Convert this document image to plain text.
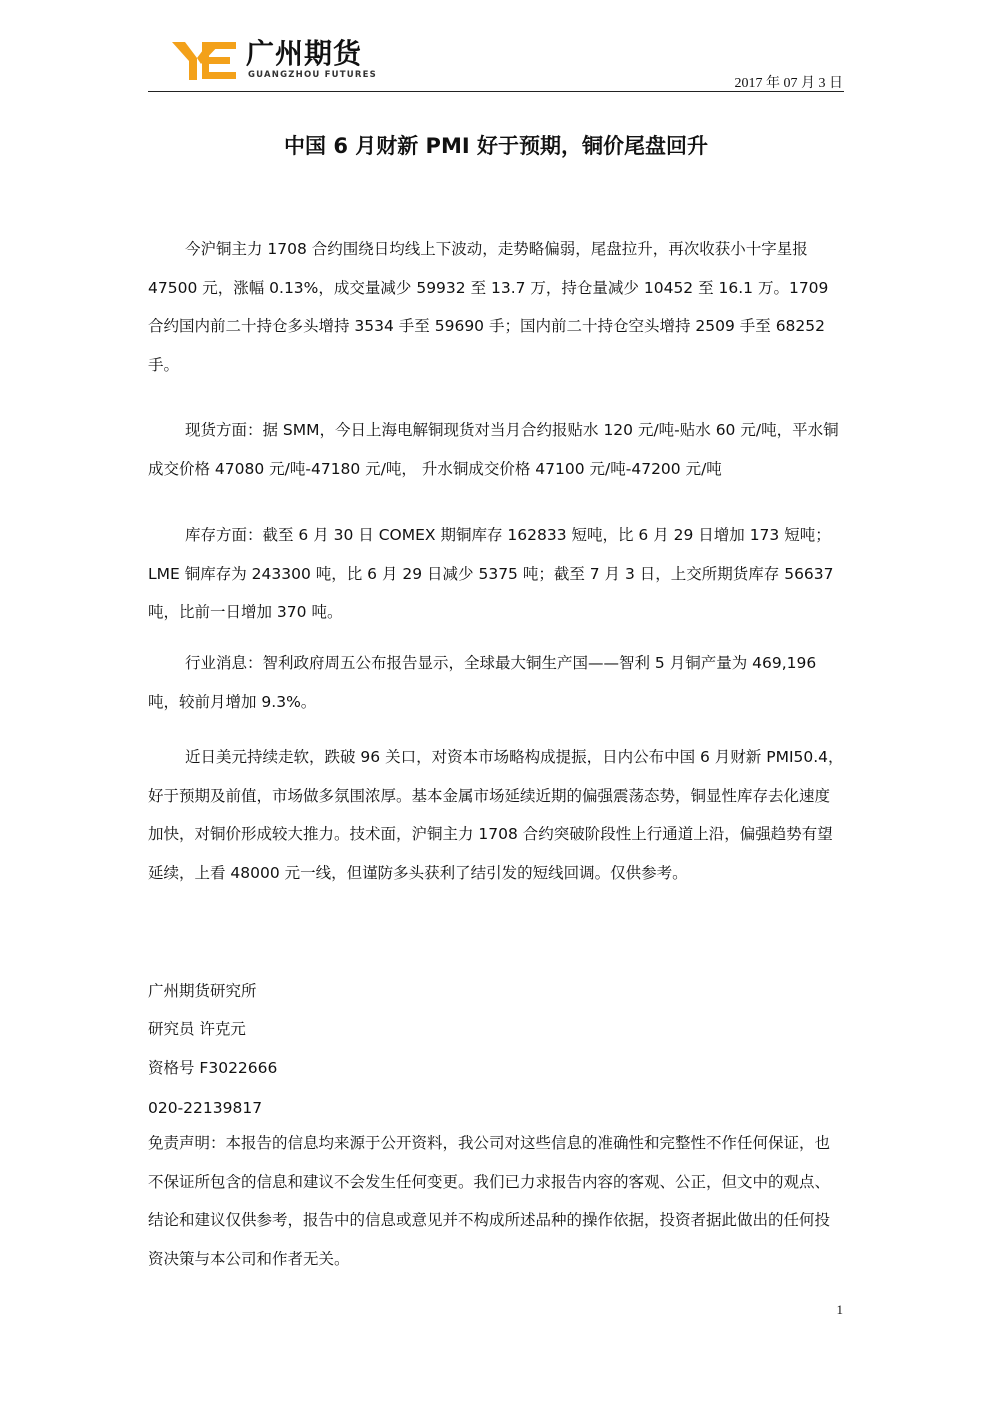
广州期货
GUANGZHOU FUTURES
2017 年 07 月 3 日
中国 6 月财新 PMI 好于预期，铜价尾盘回升

今沪铜主力 1708 合约围绕日均线上下波动，走势略偏弱，尾盘拉升，再次收获小十字星报 47500 元，涨幅 0.13%，成交量减少 59932 至 13.7 万，持仓量减少 10452 至 16.1 万。1709 合约国内前二十持仓多头增持 3534 手至 59690 手；国内前二十持仓空头增持 2509 手至 68252 手。

现货方面：据 SMM，今日上海电解铜现货对当月合约报贴水 120 元/吨-贴水 60 元/吨，平水铜成交价格 47080 元/吨-47180 元/吨， 升水铜成交价格 47100 元/吨-47200 元/吨

库存方面：截至 6 月 30 日 COMEX 期铜库存 162833 短吨，比 6 月 29 日增加 173 短吨；LME 铜库存为 243300 吨，比 6 月 29 日减少 5375 吨；截至 7 月 3 日，上交所期货库存 56637 吨，比前一日增加 370 吨。

行业消息：智利政府周五公布报告显示，全球最大铜生产国——智利 5 月铜产量为 469,196 吨，较前月增加 9.3%。

近日美元持续走软，跌破 96 关口，对资本市场略构成提振，日内公布中国 6 月财新 PMI50.4，好于预期及前值，市场做多氛围浓厚。基本金属市场延续近期的偏强震荡态势，铜显性库存去化速度加快，对铜价形成较大推力。技术面，沪铜主力 1708 合约突破阶段性上行通道上沿，偏强趋势有望延续，上看 48000 元一线，但谨防多头获利了结引发的短线回调。仅供参考。

广州期货研究所
研究员 许克元
资格号 F3022666
020-22139817

免责声明：本报告的信息均来源于公开资料，我公司对这些信息的准确性和完整性不作任何保证，也不保证所包含的信息和建议不会发生任何变更。我们已力求报告内容的客观、公正，但文中的观点、结论和建议仅供参考，报告中的信息或意见并不构成所述品种的操作依据，投资者据此做出的任何投资决策与本公司和作者无关。

1
